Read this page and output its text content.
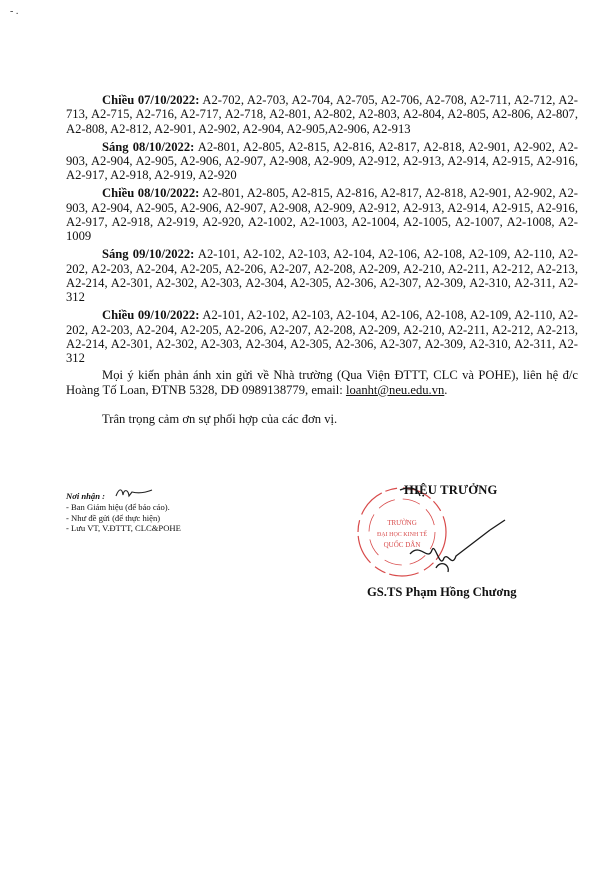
- .

Chiều 07/10/2022: A2-702, A2-703, A2-704, A2-705, A2-706, A2-708, A2-711, A2-712, A2-713, A2-715, A2-716, A2-717, A2-718, A2-801, A2-802, A2-803, A2-804, A2-805, A2-806, A2-807, A2-808, A2-812, A2-901, A2-902, A2-904, A2-905,A2-906, A2-913

Sáng 08/10/2022: A2-801, A2-805, A2-815, A2-816, A2-817, A2-818, A2-901, A2-902, A2-903, A2-904, A2-905, A2-906, A2-907, A2-908, A2-909, A2-912, A2-913, A2-914, A2-915, A2-916, A2-917, A2-918, A2-919, A2-920

Chiều 08/10/2022: A2-801, A2-805, A2-815, A2-816, A2-817, A2-818, A2-901, A2-902, A2-903, A2-904, A2-905, A2-906, A2-907, A2-908, A2-909, A2-912, A2-913, A2-914, A2-915, A2-916, A2-917, A2-918, A2-919, A2-920, A2-1002, A2-1003, A2-1004, A2-1005, A2-1007, A2-1008, A2-1009

Sáng 09/10/2022: A2-101, A2-102, A2-103, A2-104, A2-106, A2-108, A2-109, A2-110, A2-202, A2-203, A2-204, A2-205, A2-206, A2-207, A2-208, A2-209, A2-210, A2-211, A2-212, A2-213, A2-214, A2-301, A2-302, A2-303, A2-304, A2-305, A2-306, A2-307, A2-309, A2-310, A2-311, A2-312

Chiều 09/10/2022: A2-101, A2-102, A2-103, A2-104, A2-106, A2-108, A2-109, A2-110, A2-202, A2-203, A2-204, A2-205, A2-206, A2-207, A2-208, A2-209, A2-210, A2-211, A2-212, A2-213, A2-214, A2-301, A2-302, A2-303, A2-304, A2-305, A2-306, A2-307, A2-309, A2-310, A2-311, A2-312

Mọi ý kiến phản ánh xin gửi về Nhà trường (Qua Viện ĐTTT, CLC và POHE), liên hệ đ/c Hoàng Tố Loan, ĐTNB 5328, DĐ 0989138779, email: loanht@neu.edu.vn.

Trân trọng cảm ơn sự phối hợp của các đơn vị.

Nơi nhận :
- Ban Giám hiệu (để báo cáo).
- Như đề gửi (để thực hiện)
- Lưu VT, V.ĐTTT, CLC&POHE
TRƯỜNG
ĐẠI HỌC KINH TẾ
QUỐC DÂN
HIỆU TRƯỞNG
GS.TS Phạm Hồng Chương
